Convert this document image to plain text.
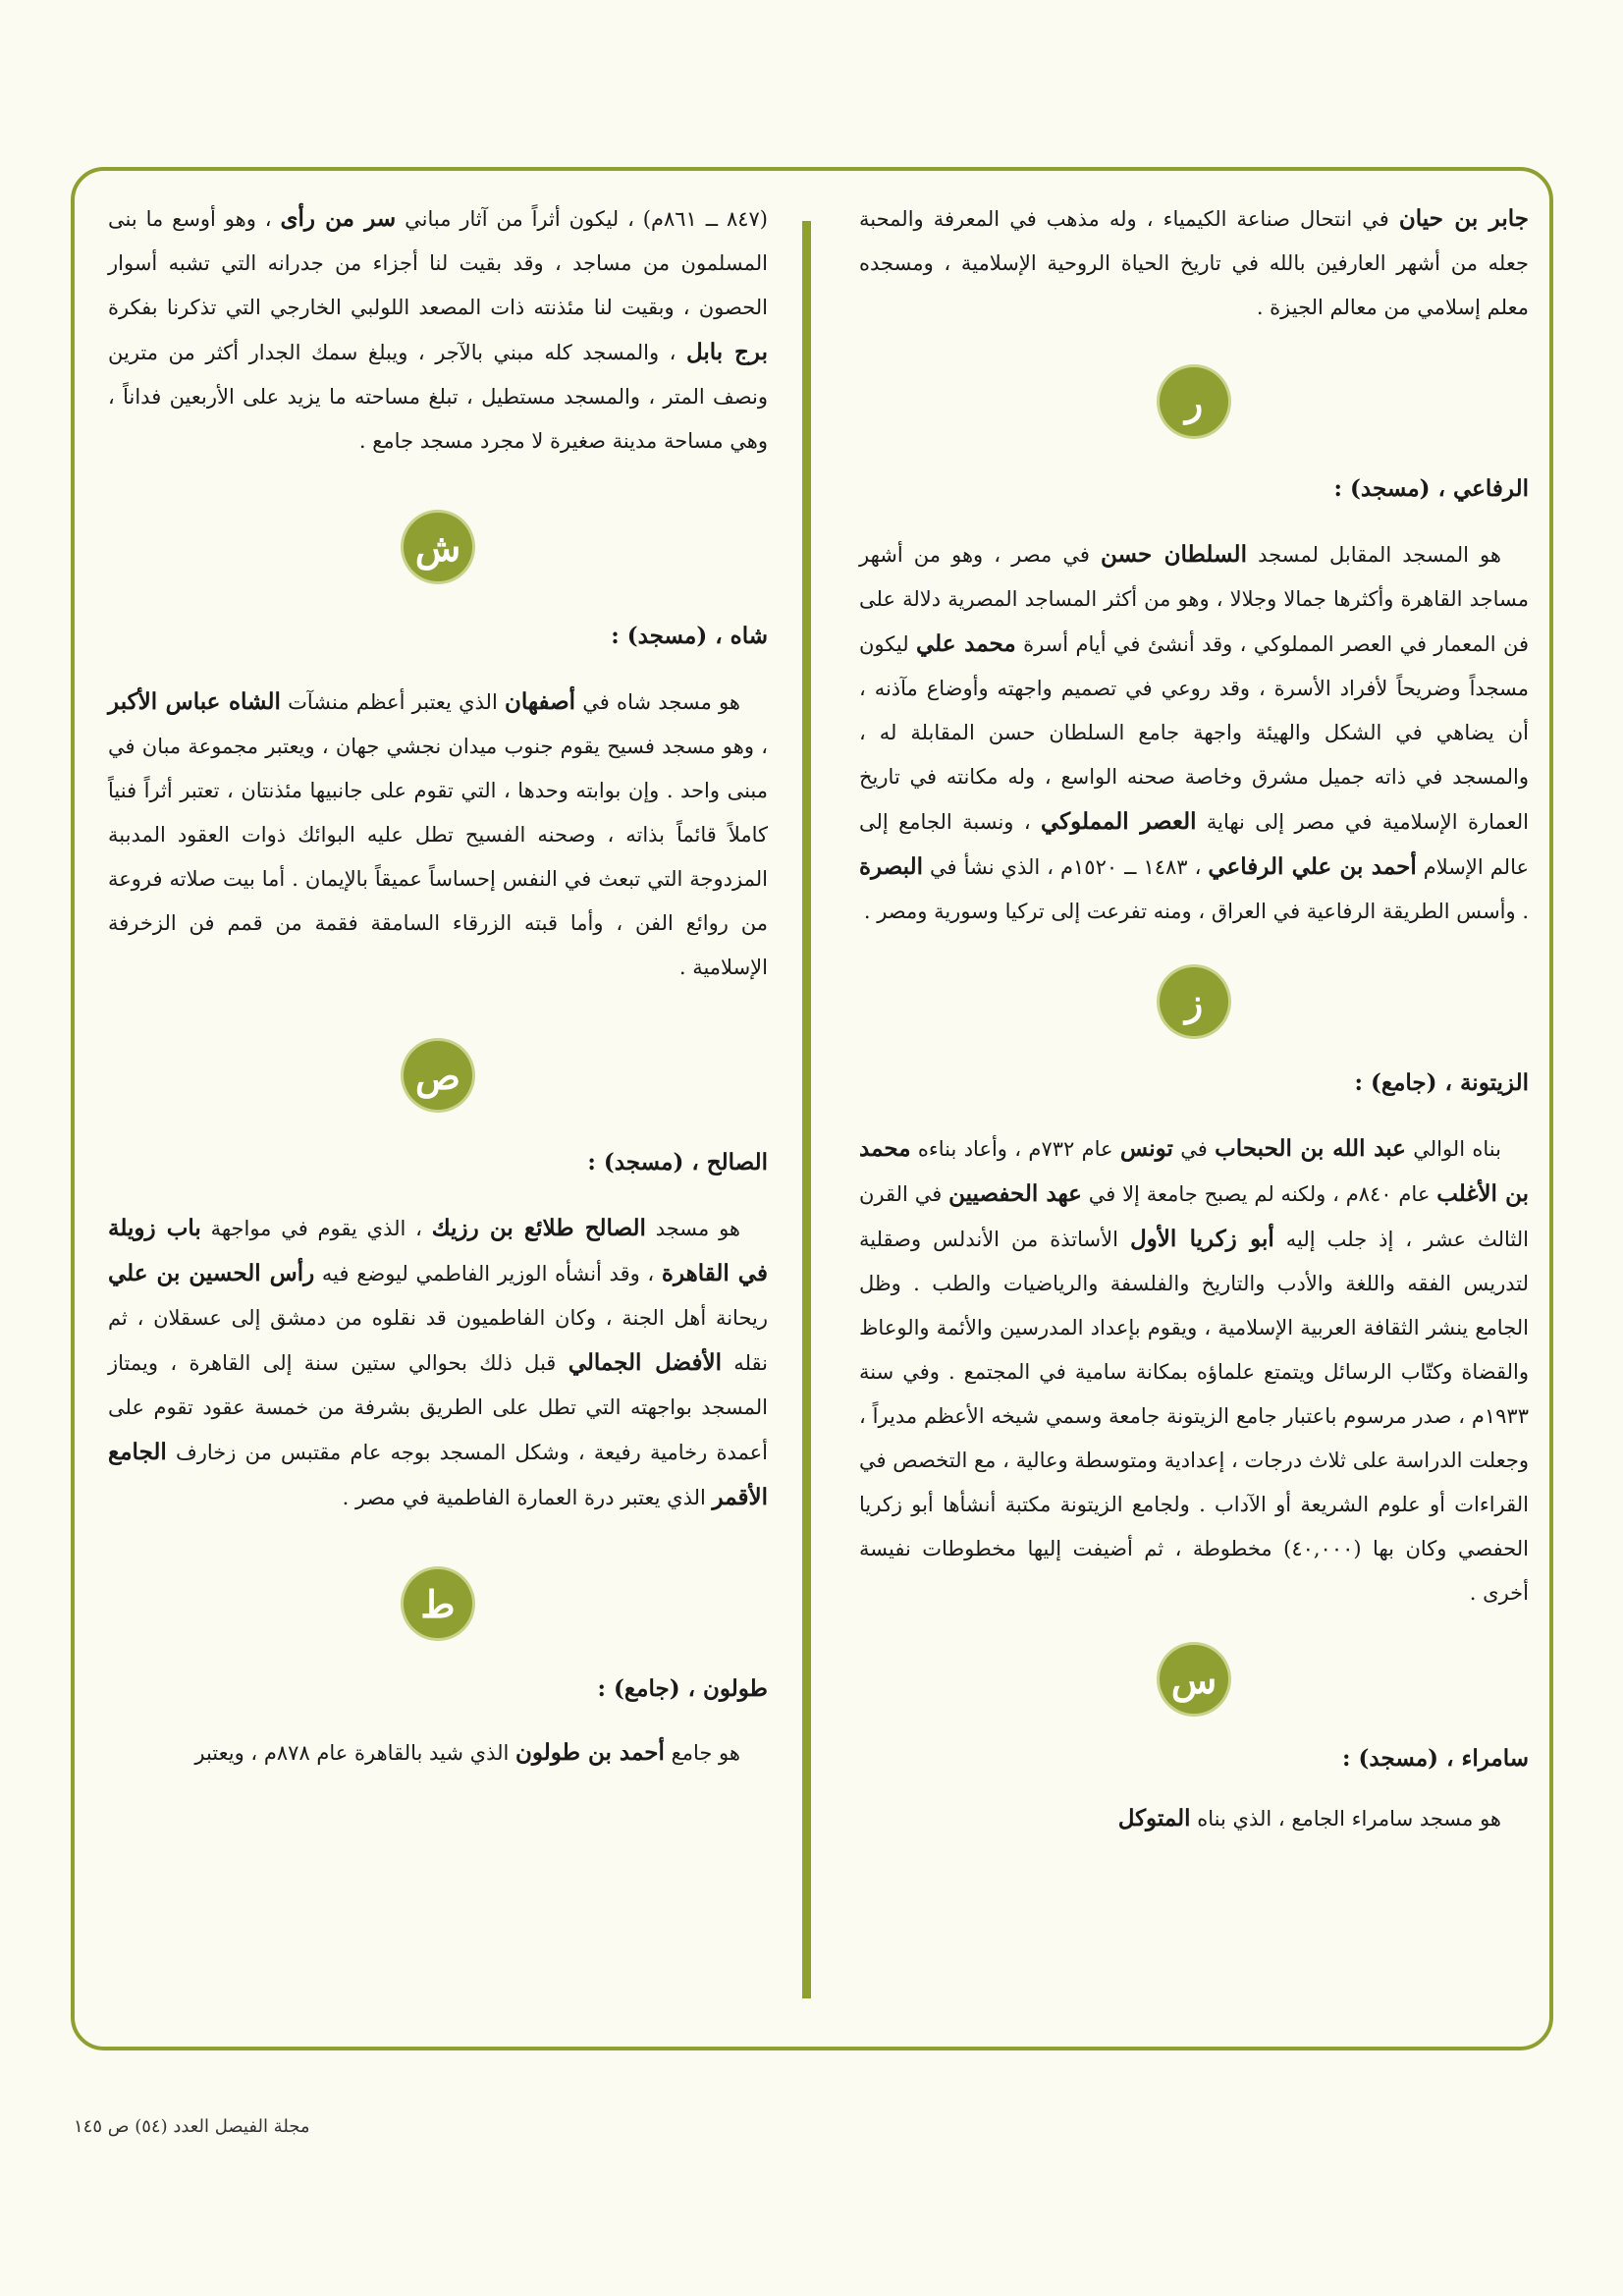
جابر بن حيان في انتحال صناعة الكيمياء ، وله مذهب في المعرفة والمحبة جعله من أشهر العارفين بالله في تاريخ الحياة الروحية الإسلامية ، ومسجده معلم إسلامي من معالم الجيزة .

ر

الرفاعي ، (مسجد) :

هو المسجد المقابل لمسجد السلطان حسن في مصر ، وهو من أشهر مساجد القاهرة وأكثرها جمالا وجلالا ، وهو من أكثر المساجد المصرية دلالة على فن المعمار في العصر المملوكي ، وقد أنشئ في أيام أسرة محمد علي ليكون مسجداً وضريحاً لأفراد الأسرة ، وقد روعي في تصميم واجهته وأوضاع مآذنه ، أن يضاهي في الشكل والهيئة واجهة جامع السلطان حسن المقابلة له ، والمسجد في ذاته جميل مشرق وخاصة صحنه الواسع ، وله مكانته في تاريخ العمارة الإسلامية في مصر إلى نهاية العصر المملوكي ، ونسبة الجامع إلى عالم الإسلام أحمد بن علي الرفاعي ، ١٤٨٣ ــ ١٥٢٠م ، الذي نشأ في البصرة . وأسس الطريقة الرفاعية في العراق ، ومنه تفرعت إلى تركيا وسورية ومصر .

ز

الزيتونة ، (جامع) :

بناه الوالي عبد الله بن الحبحاب في تونس عام ٧٣٢م ، وأعاد بناءه محمد بن الأغلب عام ٨٤٠م ، ولكنه لم يصبح جامعة إلا في عهد الحفصيين في القرن الثالث عشر ، إذ جلب إليه أبو زكريا الأول الأساتذة من الأندلس وصقلية لتدريس الفقه واللغة والأدب والتاريخ والفلسفة والرياضيات والطب . وظل الجامع ينشر الثقافة العربية الإسلامية ، ويقوم بإعداد المدرسين والأئمة والوعاظ والقضاة وكتّاب الرسائل ويتمتع علماؤه بمكانة سامية في المجتمع . وفي سنة ١٩٣٣م ، صدر مرسوم باعتبار جامع الزيتونة جامعة وسمي شيخه الأعظم مديراً ، وجعلت الدراسة على ثلاث درجات ، إعدادية ومتوسطة وعالية ، مع التخصص في القراءات أو علوم الشريعة أو الآداب . ولجامع الزيتونة مكتبة أنشأها أبو زكريا الحفصي وكان بها (٤٠,٠٠٠) مخطوطة ، ثم أضيفت إليها مخطوطات نفيسة أخرى .

س

سامراء ، (مسجد) :

هو مسجد سامراء الجامع ، الذي بناه المتوكل

(٨٤٧ ــ ٨٦١م) ، ليكون أثراً من آثار مباني سر من رأى ، وهو أوسع ما بنى المسلمون من مساجد ، وقد بقيت لنا أجزاء من جدرانه التي تشبه أسوار الحصون ، وبقيت لنا مئذنته ذات المصعد اللولبي الخارجي التي تذكرنا بفكرة برج بابل ، والمسجد كله مبني بالآجر ، ويبلغ سمك الجدار أكثر من مترين ونصف المتر ، والمسجد مستطيل ، تبلغ مساحته ما يزيد على الأربعين فداناً ، وهي مساحة مدينة صغيرة لا مجرد مسجد جامع .

ش

شاه ، (مسجد) :

هو مسجد شاه في أصفهان الذي يعتبر أعظم منشآت الشاه عباس الأكبر ، وهو مسجد فسيح يقوم جنوب ميدان نجشي جهان ، ويعتبر مجموعة مبان في مبنى واحد . وإن بوابته وحدها ، التي تقوم على جانبيها مئذنتان ، تعتبر أثراً فنياً كاملاً قائماً بذاته ، وصحنه الفسيح تطل عليه البوائك ذوات العقود المدببة المزدوجة التي تبعث في النفس إحساساً عميقاً بالإيمان . أما بيت صلاته فروعة من روائع الفن ، وأما قبته الزرقاء السامقة فقمة من قمم فن الزخرفة الإسلامية .

ص

الصالح ، (مسجد) :

هو مسجد الصالح طلائع بن رزيك ، الذي يقوم في مواجهة باب زويلة في القاهرة ، وقد أنشأه الوزير الفاطمي ليوضع فيه رأس الحسين بن علي ريحانة أهل الجنة ، وكان الفاطميون قد نقلوه من دمشق إلى عسقلان ، ثم نقله الأفضل الجمالي قبل ذلك بحوالي ستين سنة إلى القاهرة ، ويمتاز المسجد بواجهته التي تطل على الطريق بشرفة من خمسة عقود تقوم على أعمدة رخامية رفيعة ، وشكل المسجد بوجه عام مقتبس من زخارف الجامع الأقمر الذي يعتبر درة العمارة الفاطمية في مصر .

ط

طولون ، (جامع) :

هو جامع أحمد بن طولون الذي شيد بالقاهرة عام ٨٧٨م ، ويعتبر

مجلة الفيصل العدد (٥٤) ص ١٤٥
